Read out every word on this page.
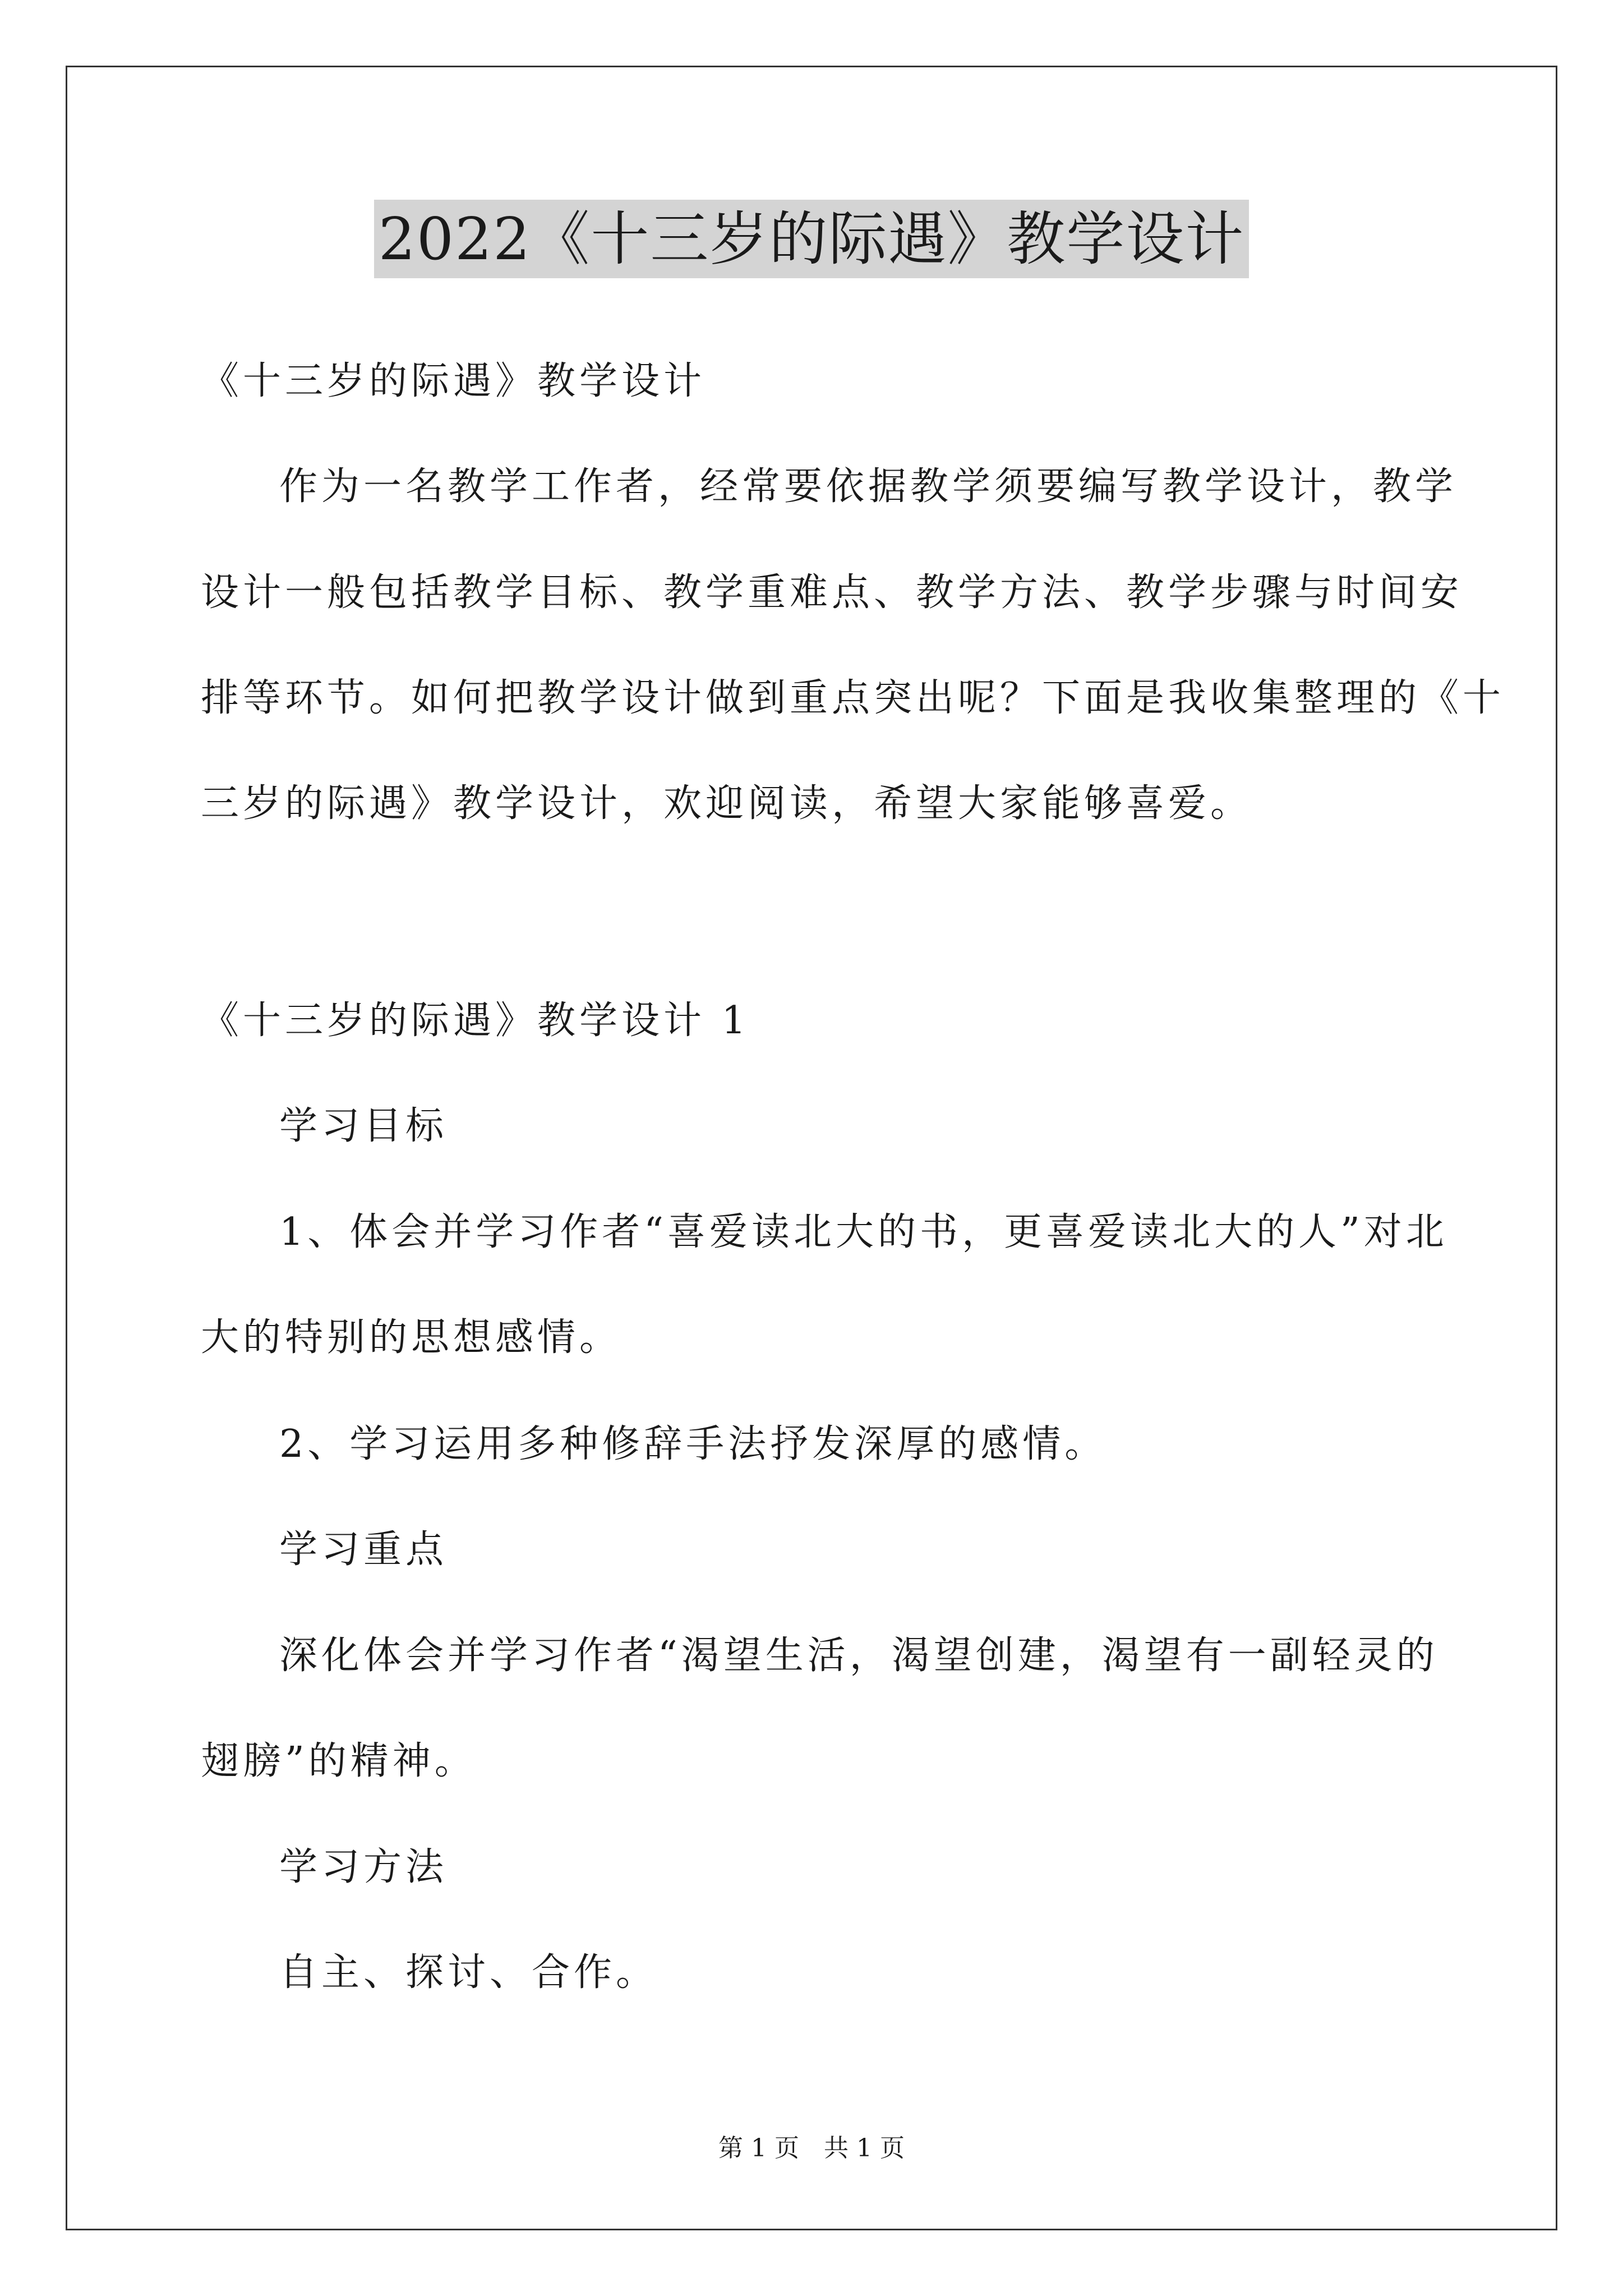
2022《十三岁的际遇》教学设计
《十三岁的际遇》教学设计
作为一名教学工作者，经常要依据教学须要编写教学设计，教学
设计一般包括教学目标、教学重难点、教学方法、教学步骤与时间安
排等环节。如何把教学设计做到重点突出呢？下面是我收集整理的《十
三岁的际遇》教学设计，欢迎阅读，希望大家能够喜爱。
《十三岁的际遇》教学设计 1
学习目标
1、体会并学习作者“喜爱读北大的书，更喜爱读北大的人”对北
大的特别的思想感情。
2、学习运用多种修辞手法抒发深厚的感情。
学习重点
深化体会并学习作者“渴望生活，渴望创建，渴望有一副轻灵的
翅膀”的精神。
学习方法
自主、探讨、合作。
第 1 页　共 1 页
